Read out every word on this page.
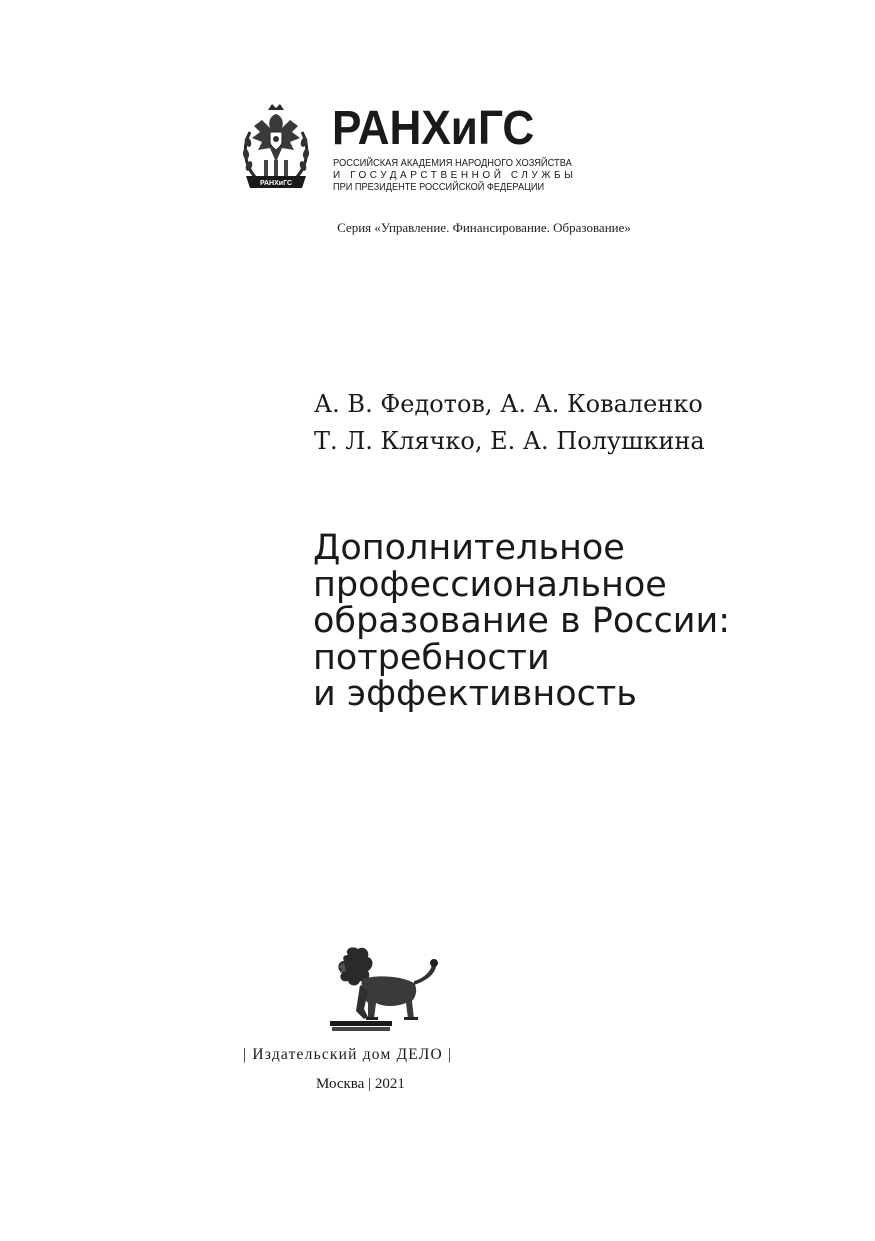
РАНХиГС
РАНХиГС
РОССИЙСКАЯ АКАДЕМИЯ НАРОДНОГО ХОЗЯЙСТВА
И ГОСУДАРСТВЕННОЙ СЛУЖБЫ
ПРИ ПРЕЗИДЕНТЕ РОССИЙСКОЙ ФЕДЕРАЦИИ
Серия «Управление. Финансирование. Образование»
А. В. Федотов, А. А. Коваленко
Т. Л. Клячко, Е. А. Полушкина
Дополнительное
профессиональное
образование в России:
потребности
и эффективность
| Издательский дом ДЕЛО |
Москва | 2021
